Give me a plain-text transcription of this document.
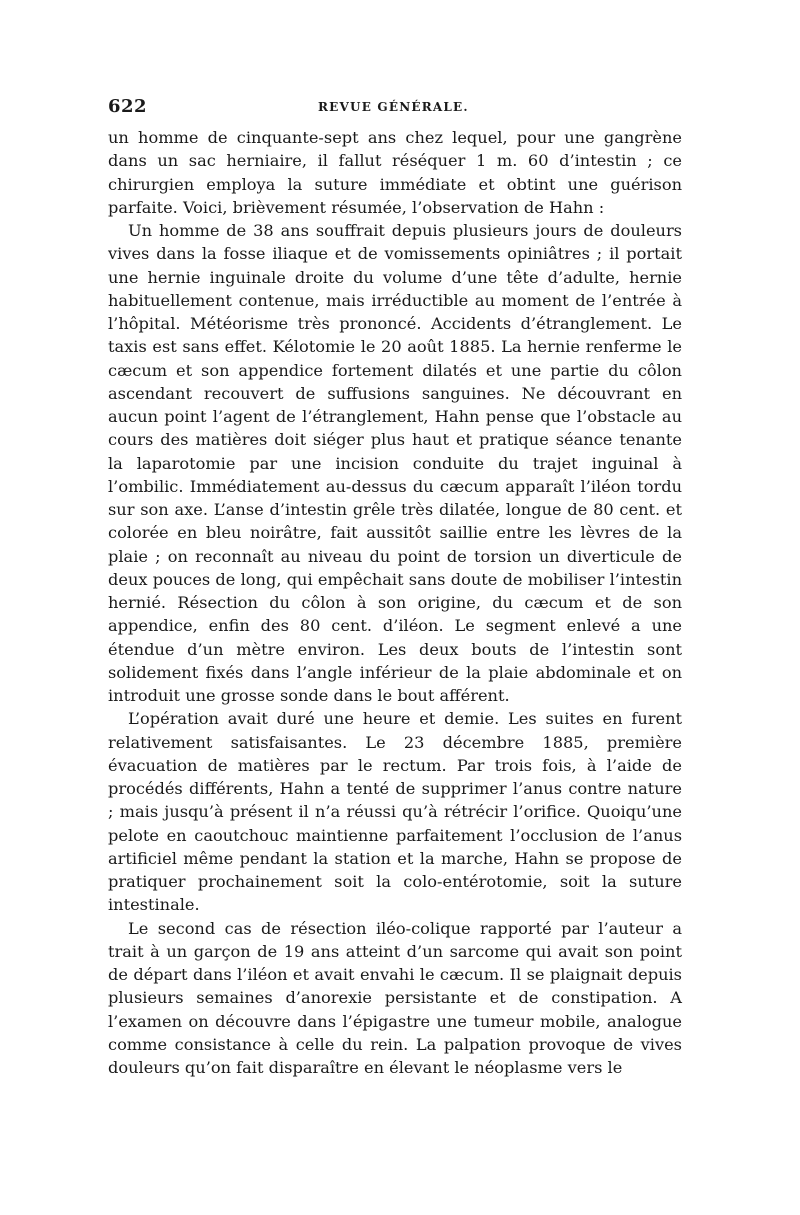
622	REVUE GÉNÉRALE.

un homme de cinquante-sept ans chez lequel, pour une gangrène dans un sac herniaire, il fallut réséquer 1 m. 60 d’intestin ; ce chirurgien employa la suture immédiate et obtint une guérison parfaite. Voici, brièvement résumée, l’observation de Hahn :

Un homme de 38 ans souffrait depuis plusieurs jours de douleurs vives dans la fosse iliaque et de vomissements opiniâtres ; il portait une hernie inguinale droite du volume d’une tête d’adulte, hernie habituellement contenue, mais irréductible au moment de l’entrée à l’hôpital. Météorisme très prononcé. Accidents d’étranglement. Le taxis est sans effet. Kélotomie le 20 août 1885. La hernie renferme le cæcum et son appendice fortement dilatés et une partie du côlon ascendant recouvert de suffusions sanguines. Ne découvrant en aucun point l’agent de l’étranglement, Hahn pense que l’obstacle au cours des matières doit siéger plus haut et pratique séance tenante la laparotomie par une incision conduite du trajet inguinal à l’ombilic. Immédiatement au-dessus du cæcum apparaît l’iléon tordu sur son axe. L’anse d’intestin grêle très dilatée, longue de 80 cent. et colorée en bleu noirâtre, fait aussitôt saillie entre les lèvres de la plaie ; on reconnaît au niveau du point de torsion un diverticule de deux pouces de long, qui empêchait sans doute de mobiliser l’intestin hernié. Résection du côlon à son origine, du cæcum et de son appendice, enfin des 80 cent. d’iléon. Le segment enlevé a une étendue d’un mètre environ. Les deux bouts de l’intestin sont solidement fixés dans l’angle inférieur de la plaie abdominale et on introduit une grosse sonde dans le bout afférent.

L’opération avait duré une heure et demie. Les suites en furent relativement satisfaisantes. Le 23 décembre 1885, première évacuation de matières par le rectum. Par trois fois, à l’aide de procédés différents, Hahn a tenté de supprimer l’anus contre nature ; mais jusqu’à présent il n’a réussi qu’à rétrécir l’orifice. Quoiqu’une pelote en caoutchouc maintienne parfaitement l’occlusion de l’anus artificiel même pendant la station et la marche, Hahn se propose de pratiquer prochainement soit la colo-entérotomie, soit la suture intestinale.

Le second cas de résection iléo-colique rapporté par l’auteur a trait à un garçon de 19 ans atteint d’un sarcome qui avait son point de départ dans l’iléon et avait envahi le cæcum. Il se plaignait depuis plusieurs semaines d’anorexie persistante et de constipation. A l’examen on découvre dans l’épigastre une tumeur mobile, analogue comme consistance à celle du rein. La palpation provoque de vives douleurs qu’on fait disparaître en élevant le néoplasme vers le
